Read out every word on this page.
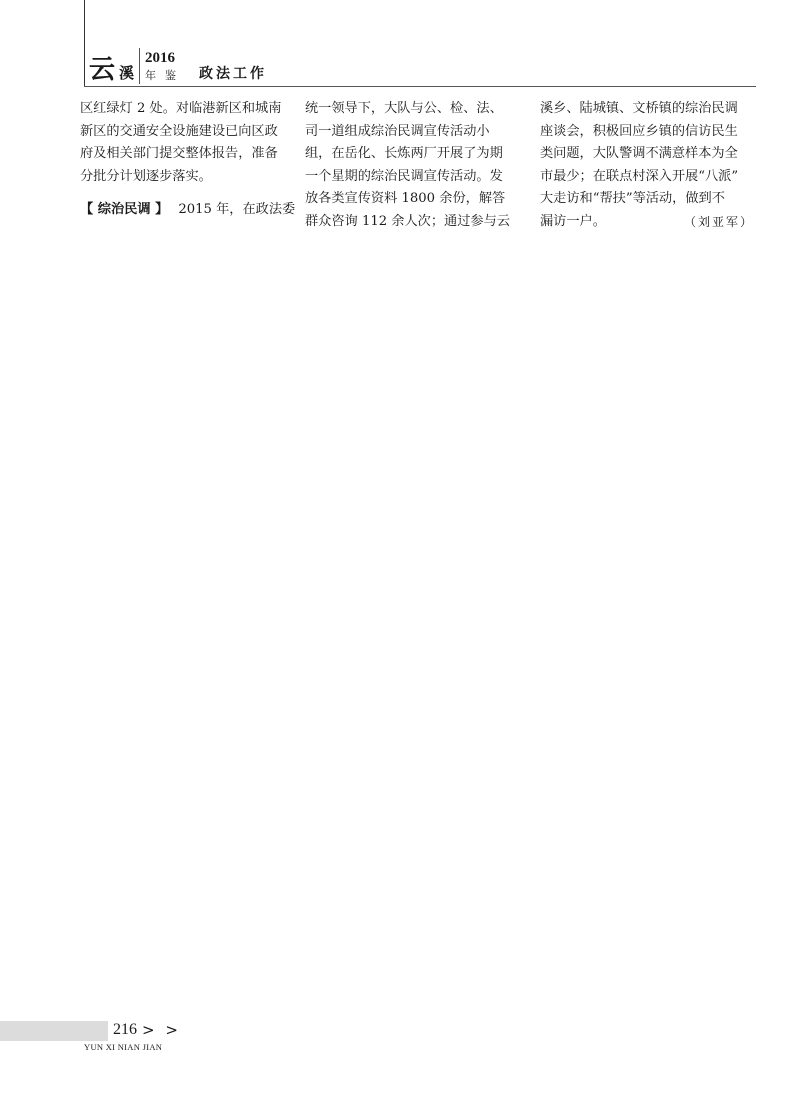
云 溪
2016
年鉴 政法工作
区红绿灯 2 处。对临港新区和城南
新区的交通安全设施建设已向区政
府及相关部门提交整体报告，准备
分批分计划逐步落实。
【 综治民调 】 2015 年，在政法委
统一领导下，大队与公、检、法、
司一道组成综治民调宣传活动小
组，在岳化、长炼两厂开展了为期
一个星期的综治民调宣传活动。发
放各类宣传资料 1800 余份，解答
群众咨询 112 余人次；通过参与云
溪乡、陆城镇、文桥镇的综治民调
座谈会，积极回应乡镇的信访民生
类问题，大队警调不满意样本为全
市最少；在联点村深入开展“八派”
大走访和“帮扶”等活动，做到不
漏访一户。	（刘亚军）
216 > >
YUN XI NIAN JIAN
